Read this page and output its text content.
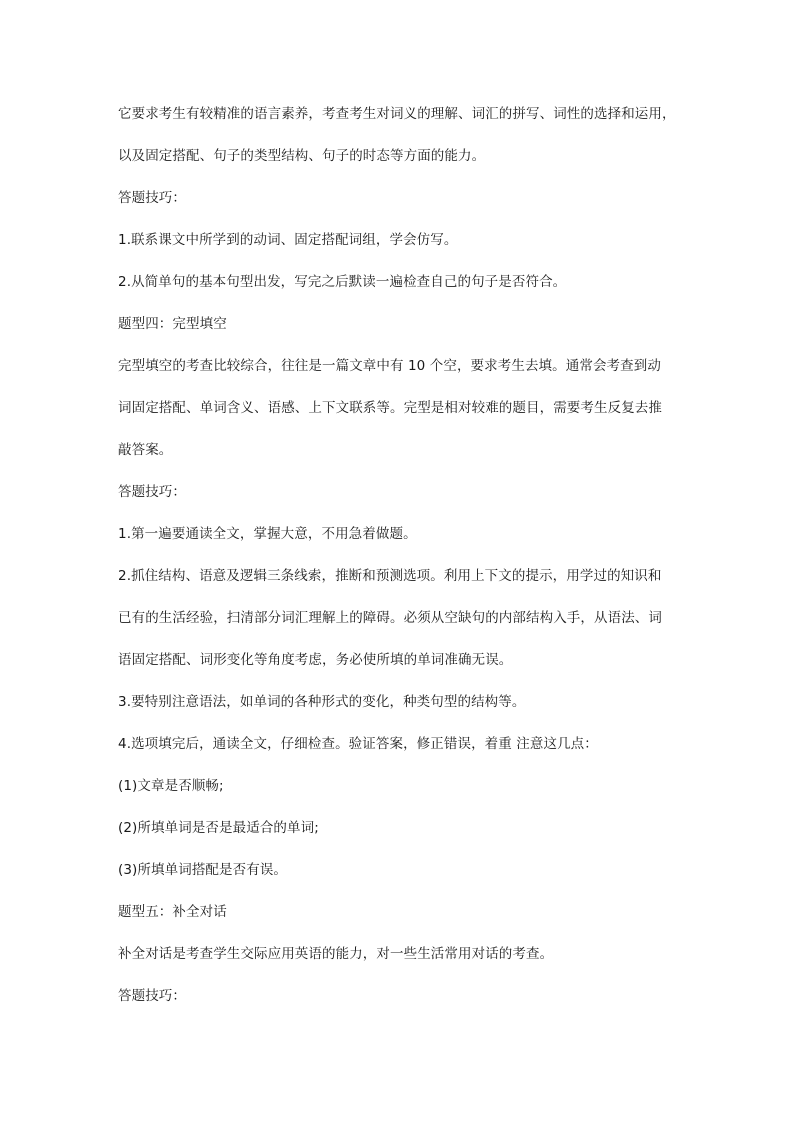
它要求考生有较精准的语言素养，考查考生对词义的理解、词汇的拼写、词性的选择和运用，
以及固定搭配、句子的类型结构、句子的时态等方面的能力。
答题技巧：
1.联系课文中所学到的动词、固定搭配词组，学会仿写。
2.从简单句的基本句型出发，写完之后默读一遍检查自己的句子是否符合。
题型四：完型填空
完型填空的考查比较综合，往往是一篇文章中有 10 个空，要求考生去填。通常会考查到动
词固定搭配、单词含义、语感、上下文联系等。完型是相对较难的题目，需要考生反复去推
敲答案。
答题技巧：
1.第一遍要通读全文，掌握大意，不用急着做题。
2.抓住结构、语意及逻辑三条线索，推断和预测选项。利用上下文的提示，用学过的知识和
已有的生活经验，扫清部分词汇理解上的障碍。必须从空缺句的内部结构入手，从语法、词
语固定搭配、词形变化等角度考虑，务必使所填的单词准确无误。
3.要特别注意语法，如单词的各种形式的变化，种类句型的结构等。
4.选项填完后，通读全文，仔细检查。验证答案，修正错误，着重 注意这几点：
(1)文章是否顺畅;
(2)所填单词是否是最适合的单词;
(3)所填单词搭配是否有误。
题型五：补全对话
补全对话是考查学生交际应用英语的能力，对一些生活常用对话的考查。
答题技巧：
